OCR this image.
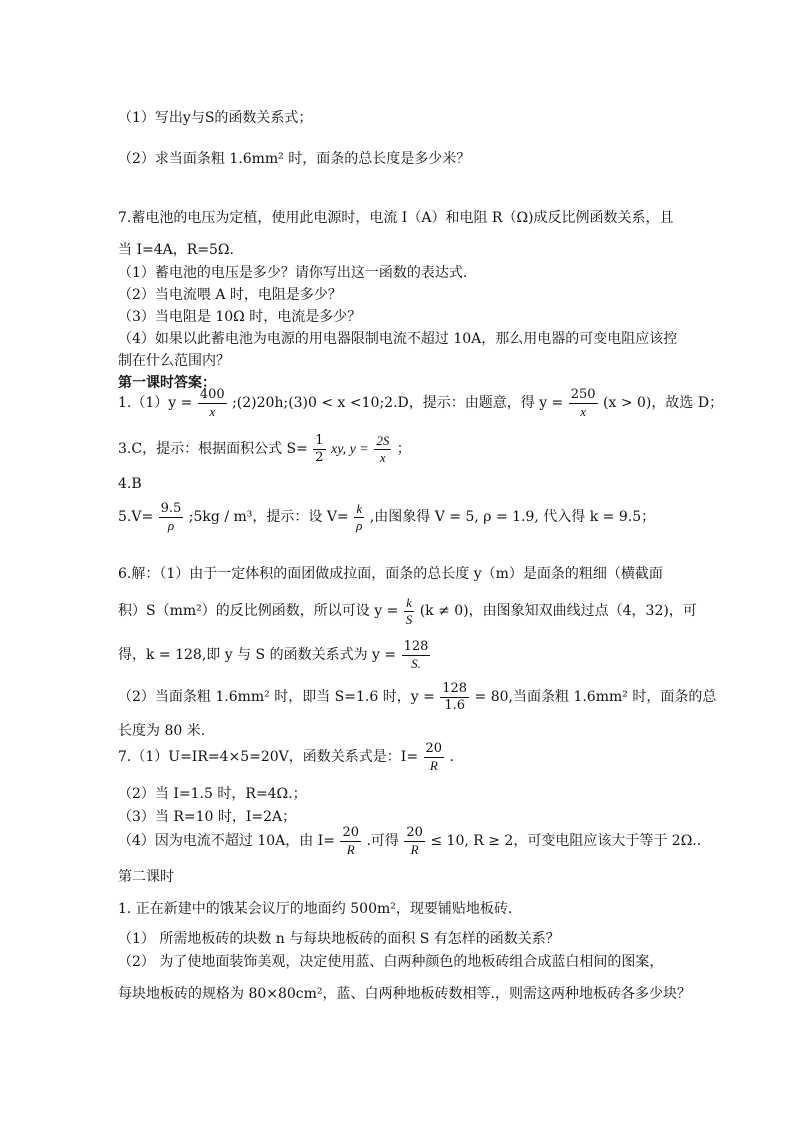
（1）写出y与S的函数关系式；
（2）求当面条粗 1.6mm² 时，面条的总长度是多少米？
7.蓄电池的电压为定植，使用此电源时，电流 I（A）和电阻 R（Ω)成反比例函数关系，且
当 I=4A，R=5Ω.
（1）蓄电池的电压是多少？请你写出这一函数的表达式.
（2）当电流喂 A 时，电阻是多少？
（3）当电阻是 10Ω 时，电流是多少？
（4）如果以此蓄电池为电源的用电器限制电流不超过 10A，那么用电器的可变电阻应该控
制在什么范围内？
第一课时答案：
$1.(1)y = \frac{400}{x}$ ;(2)20h;(3)0 < x <10;2.D，提示：由题意，得 $y = \frac{250}{x} (x > 0)$，故选 D；
3.C，提示：根据面积公式 $S= \frac{1}{2}$ xy, $y = \frac{2S}{x}$ ；
4.B
$5.V= \frac{9.5}{\rho}$ ;5kg / m³，提示：设 $V= \frac{k}{\rho}$ ,由图象得 V = 5, ρ = 1.9, 代入得 k = 9.5；
6.解：（1）由于一定体积的面团做成拉面，面条的总长度 y（m）是面条的粗细（横截面
积）S（mm²）的反比例函数，所以可设 $y = \frac{k}{S} (k \ne 0)$，由图象知双曲线过点（4，32)，可
得，k = 128,即 y 与 S 的函数关系式为 $y = \frac{128}{S.}$
（2）当面条粗 1.6mm² 时，即当 S=1.6 时，$y = \frac{128}{1.6} = 80$,当面条粗 1.6mm² 时，面条的总
长度为 80 米.
7.（1）U=IR=4×5=20V，函数关系式是：$I= \frac{20}{R}$ .
（2）当 I=1.5 时，R=4Ω.；
（3）当 R=10 时，I=2A；
（4）因为电流不超过 10A，由 $I= \frac{20}{R}$ .可得 $\frac{20}{R} \le 10$, R ≥ 2，可变电阻应该大于等于 2Ω..
第二课时
1. 正在新建中的饿某会议厅的地面约 500m²，现要铺贴地板砖.
（1） 所需地板砖的块数 n 与每块地板砖的面积 S 有怎样的函数关系？
（2） 为了使地面装饰美观，决定使用蓝、白两种颜色的地板砖组合成蓝白相间的图案，
每块地板砖的规格为 80×80cm²，蓝、白两种地板砖数相等.，则需这两种地板砖各多少块？
